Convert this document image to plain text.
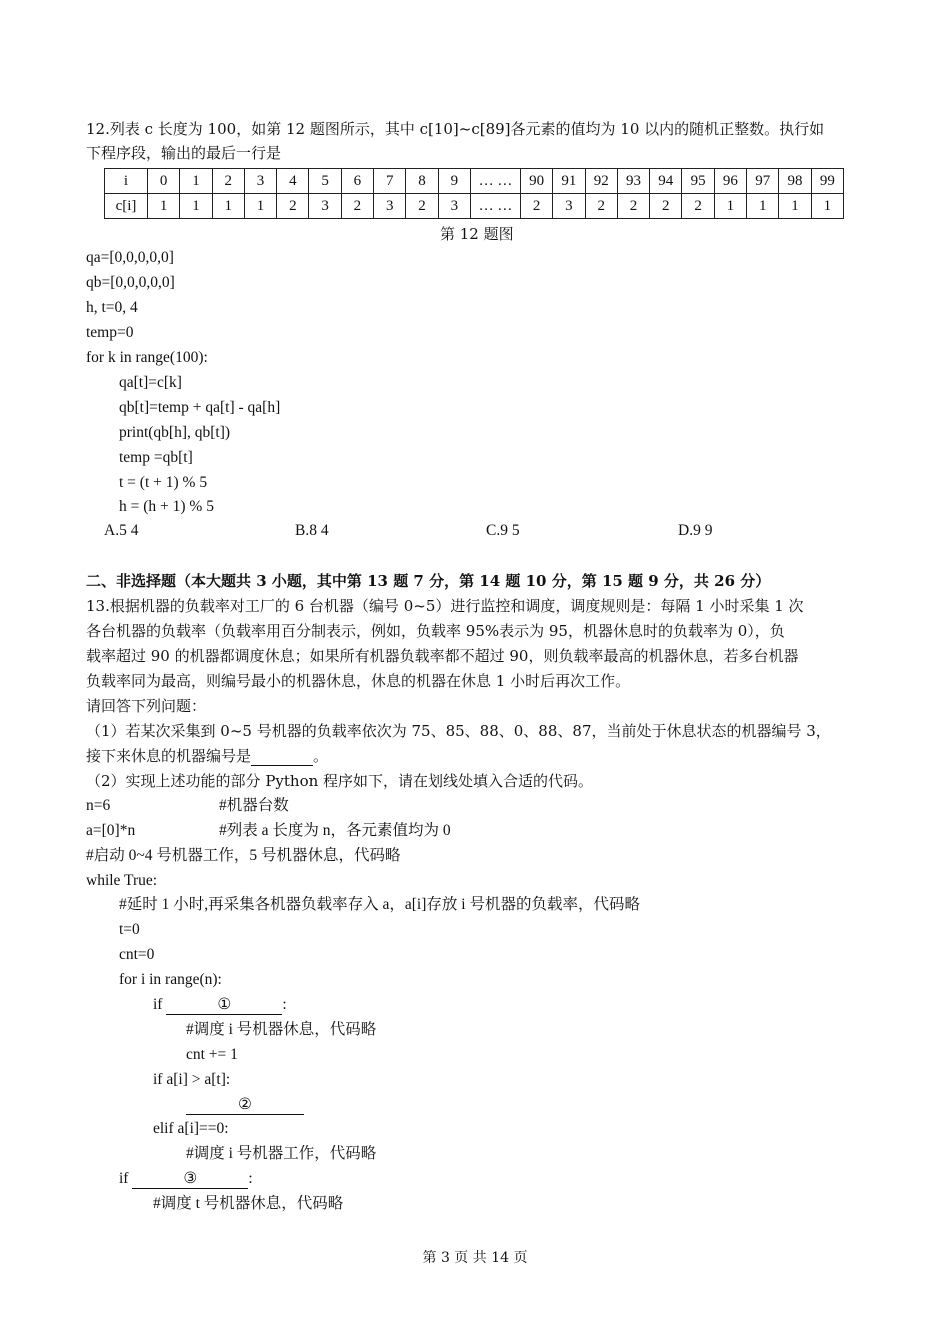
12.列表 c 长度为 100，如第 12 题图所示，其中 c[10]~c[89]各元素的值均为 10 以内的随机正整数。执行如
下程序段，输出的最后一行是
i	0	1	2	3	4	5	6	7	8	9	… …	90	91	92	93	94	95	96	97	98	99
c[i]	1	1	1	1	2	3	2	3	2	3	… …	2	3	2	2	2	2	1	1	1	1
第 12 题图
qa=[0,0,0,0,0]
qb=[0,0,0,0,0]
h, t=0, 4
temp=0
for k in range(100):
qa[t]=c[k]
qb[t]=temp + qa[t] - qa[h]
print(qb[h], qb[t])
temp =qb[t]
t = (t + 1) % 5
h = (h + 1) % 5
A.5 4	B.8 4	C.9 5	D.9 9
二、非选择题（本大题共 3 小题，其中第 13 题 7 分，第 14 题 10 分，第 15 题 9 分，共 26 分）
13.根据机器的负载率对工厂的 6 台机器（编号 0~5）进行监控和调度，调度规则是：每隔 1 小时采集 1 次
各台机器的负载率（负载率用百分制表示，例如，负载率 95%表示为 95，机器休息时的负载率为 0），负
载率超过 90 的机器都调度休息；如果所有机器负载率都不超过 90，则负载率最高的机器休息，若多台机器
负载率同为最高，则编号最小的机器休息，休息的机器在休息 1 小时后再次工作。
请回答下列问题：
（1）若某次采集到 0~5 号机器的负载率依次为 75、85、88、0、88、87，当前处于休息状态的机器编号 3，
接下来休息的机器编号是	。
（2）实现上述功能的部分 Python 程序如下，请在划线处填入合适的代码。
n=6	#机器台数
a=[0]*n	#列表 a 长度为 n，各元素值均为 0
#启动 0~4 号机器工作，5 号机器休息，代码略
while True:
#延时 1 小时,再采集各机器负载率存入 a，a[i]存放 i 号机器的负载率，代码略
t=0
cnt=0
for i in range(n):
if	①	:
#调度 i 号机器休息，代码略
cnt += 1
if a[i] > a[t]:
②
elif a[i]==0:
#调度 i 号机器工作，代码略
if	③	:
#调度 t 号机器休息，代码略
第 3 页 共 14 页
